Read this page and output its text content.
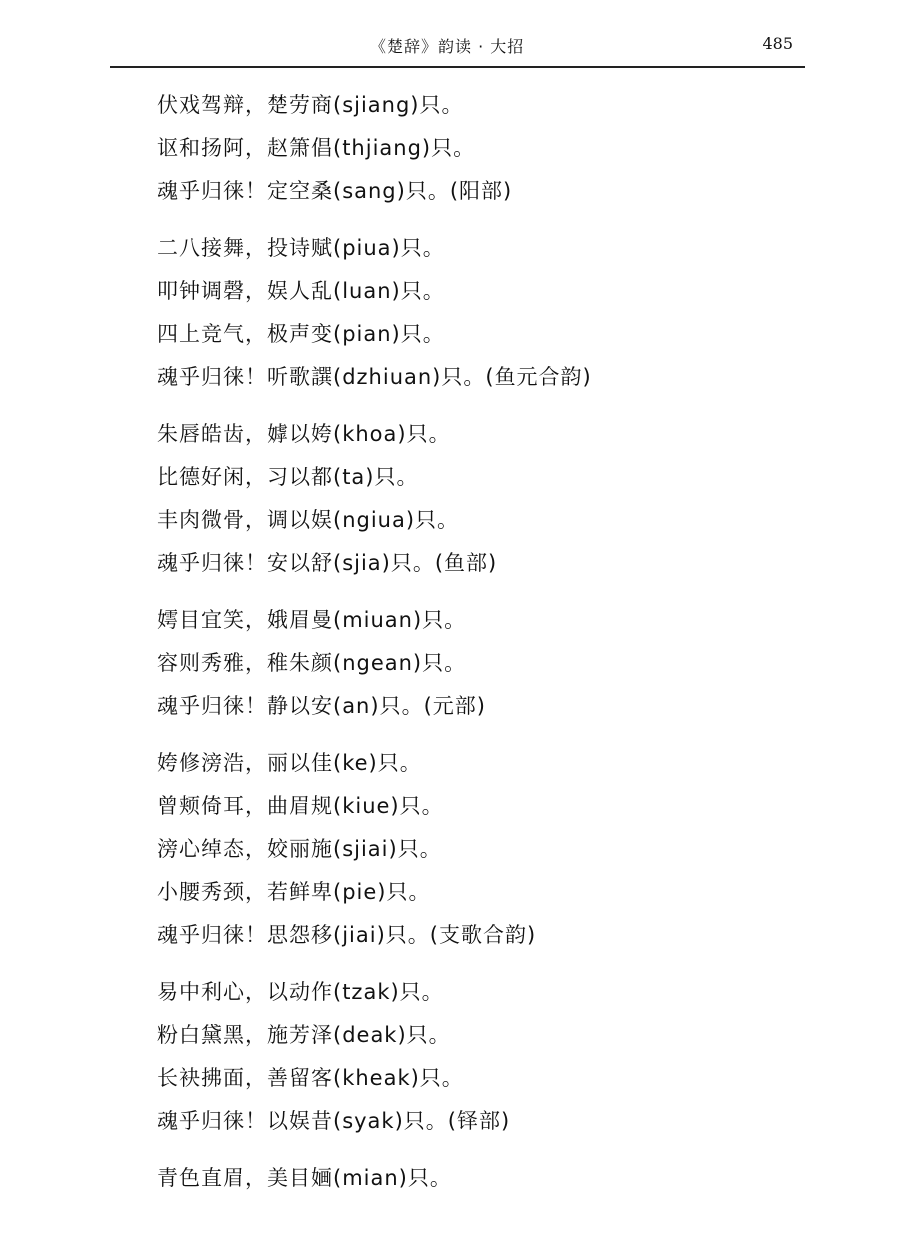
《楚辞》韵读 · 大招	485
伏戏驾辩，楚劳商(sjiang)只。
讴和扬阿，赵箫倡(thjiang)只。
魂乎归徕！定空桑(sang)只。(阳部)
二八接舞，投诗赋(piua)只。
叩钟调磬，娱人乱(luan)只。
四上竞气，极声变(pian)只。
魂乎归徕！听歌譔(dzhiuan)只。(鱼元合韵)
朱唇皓齿，嫭以姱(khoa)只。
比德好闲，习以都(ta)只。
丰肉微骨，调以娱(ngiua)只。
魂乎归徕！安以舒(sjia)只。(鱼部)
嫮目宜笑，娥眉曼(miuan)只。
容则秀雅，稚朱颜(ngean)只。
魂乎归徕！静以安(an)只。(元部)
姱修滂浩，丽以佳(ke)只。
曾颊倚耳，曲眉规(kiue)只。
滂心绰态，姣丽施(sjiai)只。
小腰秀颈，若鲜卑(pie)只。
魂乎归徕！思怨移(jiai)只。(支歌合韵)
易中利心，以动作(tzak)只。
粉白黛黑，施芳泽(deak)只。
长袂拂面，善留客(kheak)只。
魂乎归徕！以娱昔(syak)只。(铎部)
青色直眉，美目婳(mian)只。
